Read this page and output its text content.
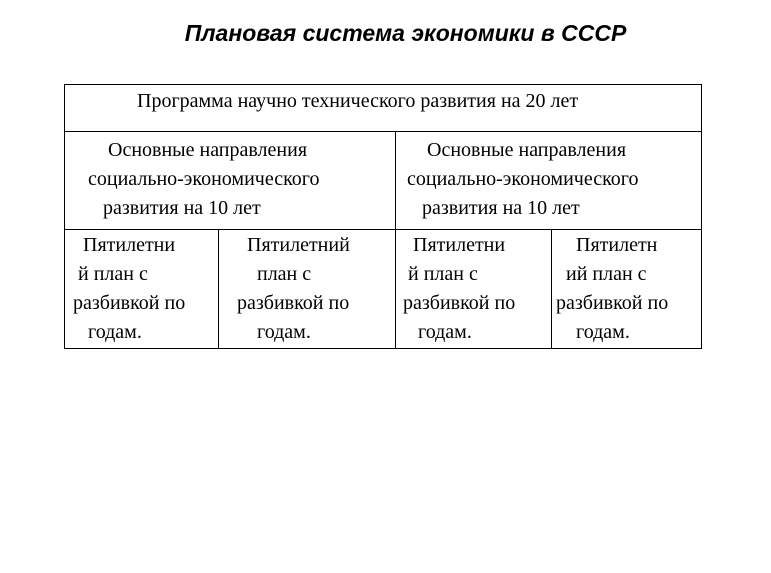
Плановая система экономики в СССР
Программа научно технического развития на 20 лет
Основные направления
социально-экономического
развития на 10 лет
Основные направления
социально-экономического
развития на 10 лет
Пятилетни
й план с
разбивкой по
годам.
Пятилетний
план с
разбивкой по
годам.
Пятилетни
й план с
разбивкой по
годам.
Пятилетн
ий план с
разбивкой по
годам.
